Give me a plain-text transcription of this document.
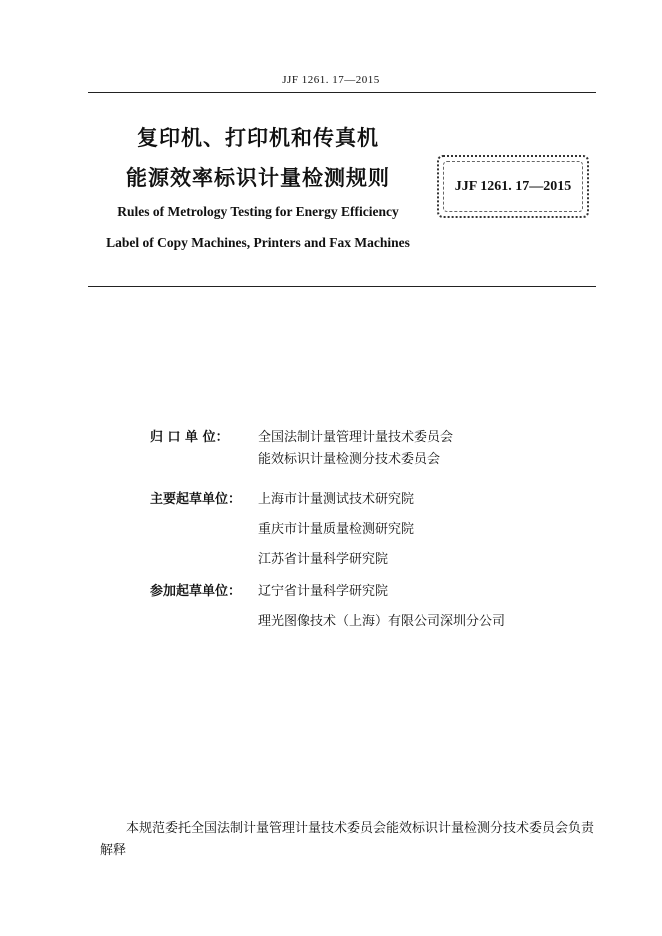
JJF 1261. 17—2015
复印机、打印机和传真机
能源效率标识计量检测规则
Rules of Metrology Testing for Energy Efficiency
Label of Copy Machines, Printers and Fax Machines
JJF 1261. 17—2015
归 口 单 位：	全国法制计量管理计量技术委员会
能效标识计量检测分技术委员会
主要起草单位：	上海市计量测试技术研究院
重庆市计量质量检测研究院
江苏省计量科学研究院
参加起草单位：	辽宁省计量科学研究院
理光图像技术（上海）有限公司深圳分公司
本规范委托全国法制计量管理计量技术委员会能效标识计量检测分技术委员会负责解释
